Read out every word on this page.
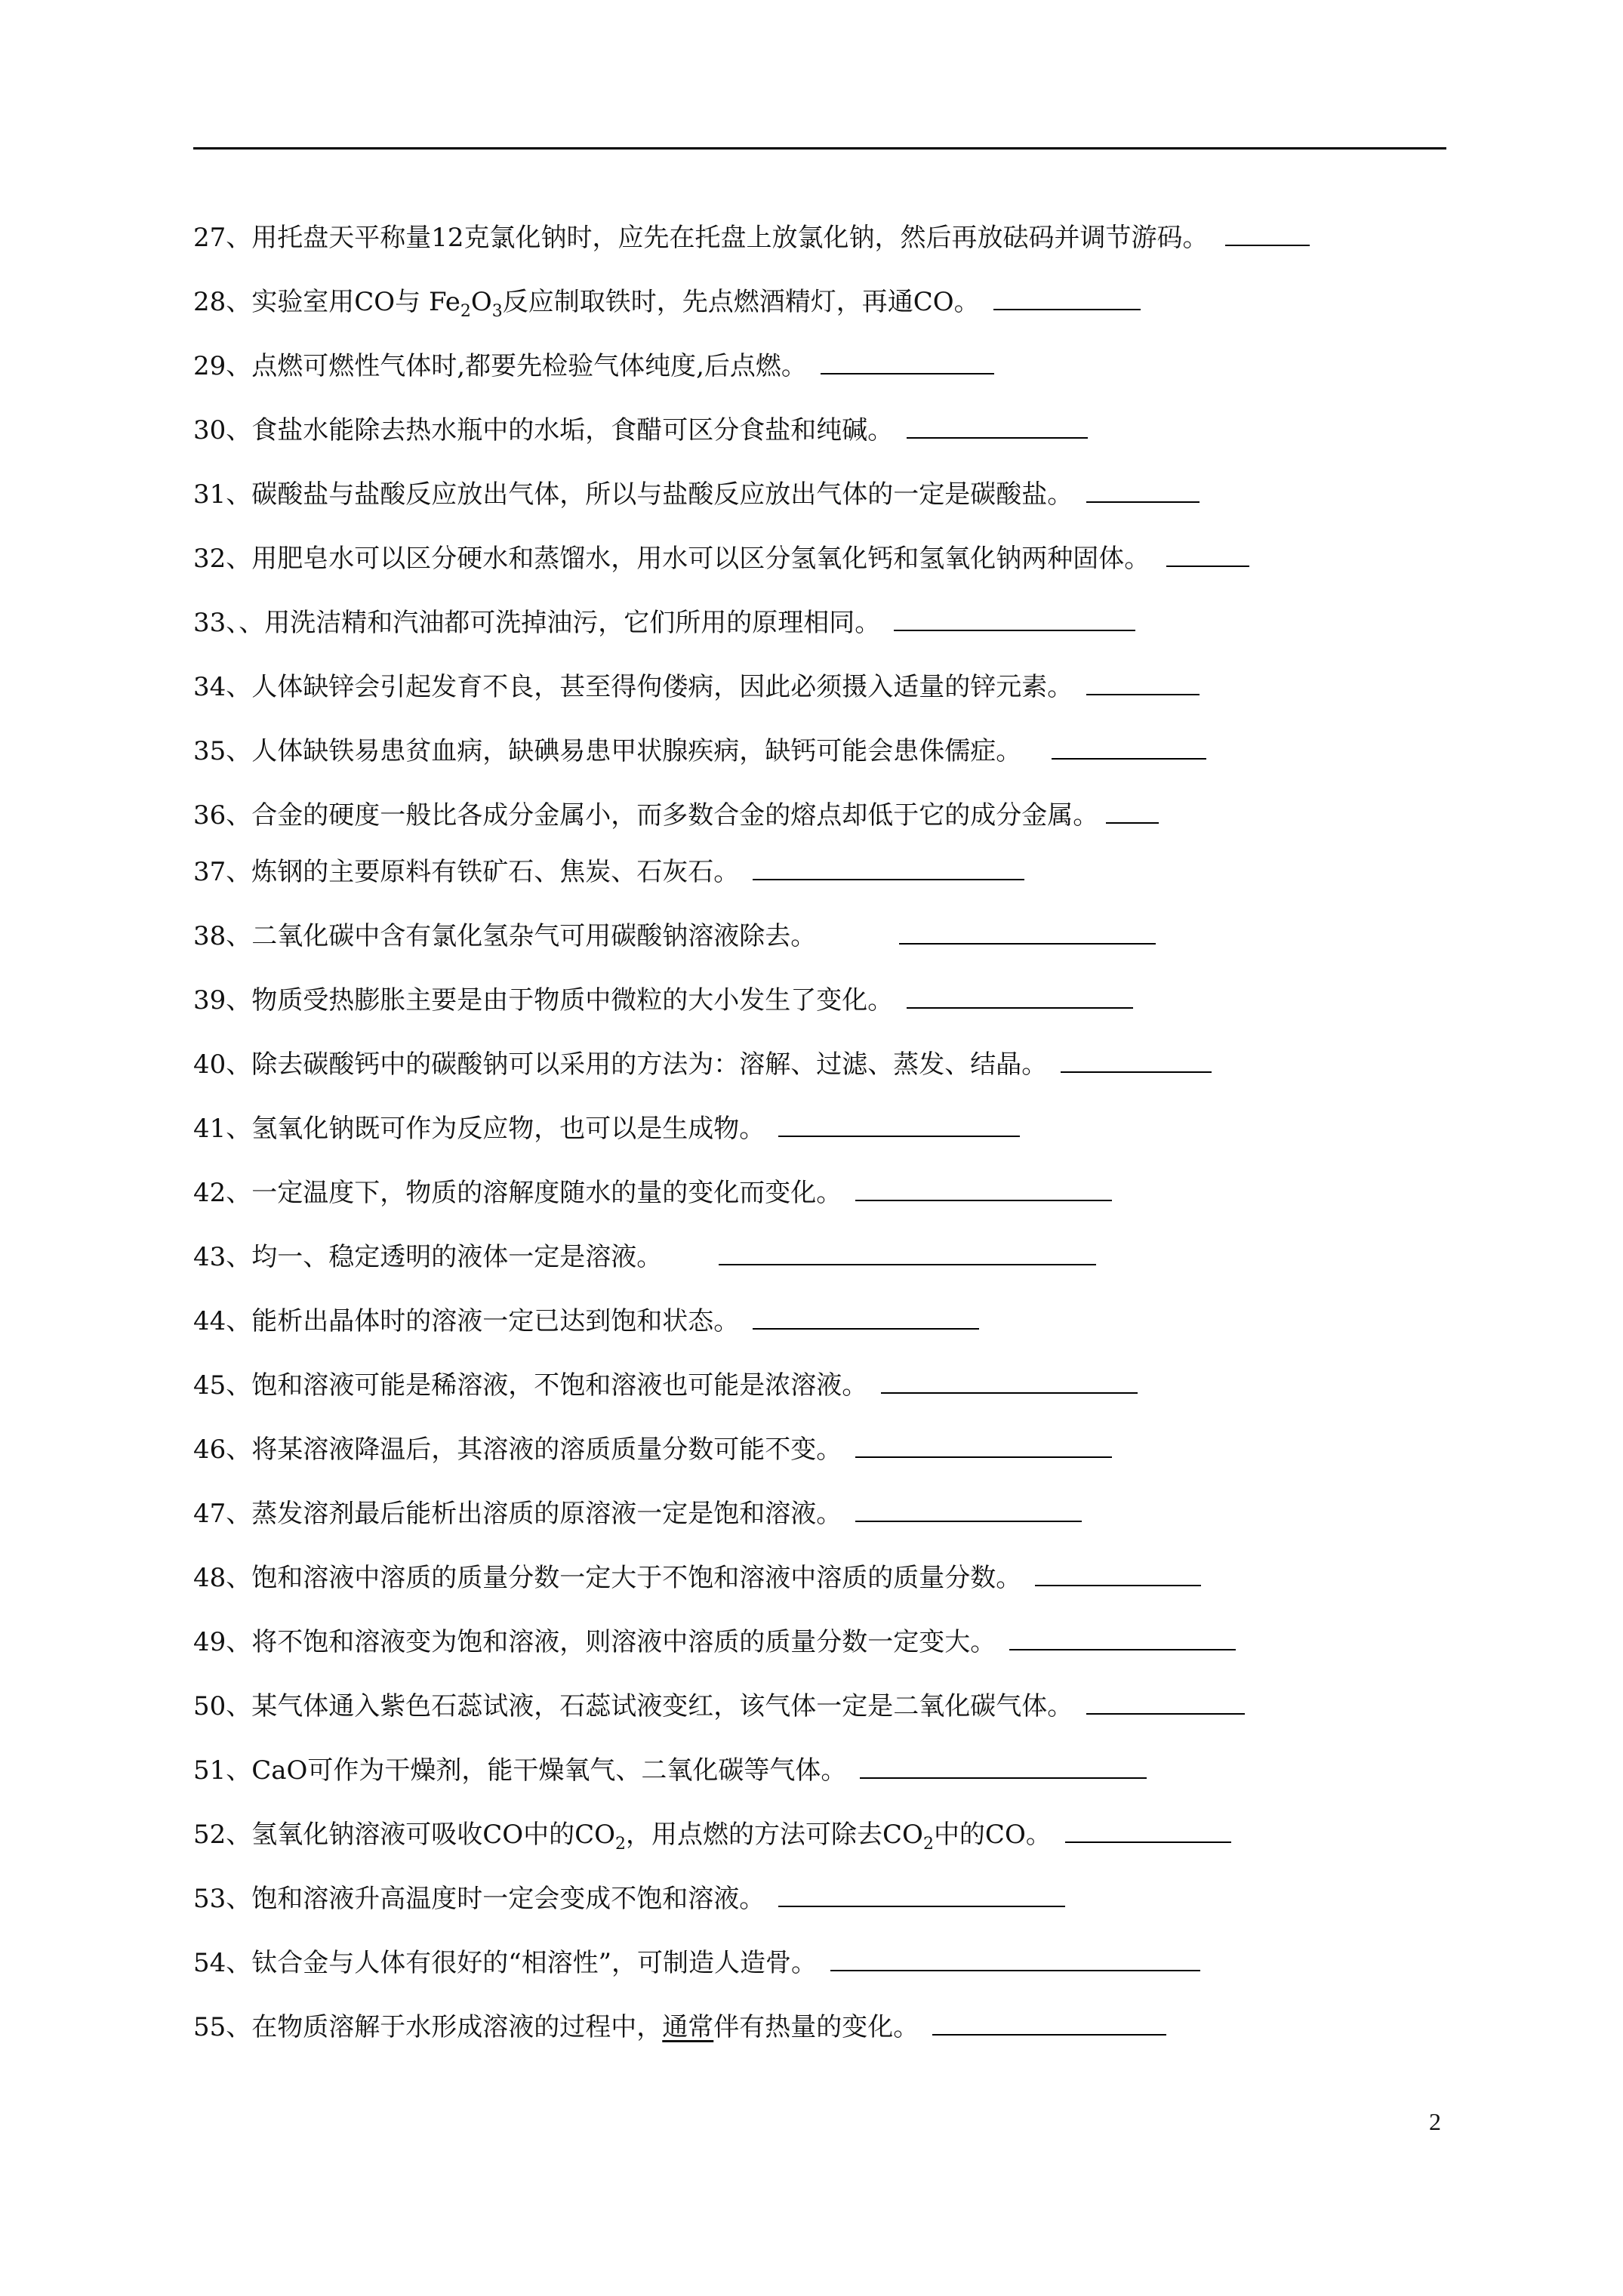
27、用托盘天平称量12克氯化钠时，应先在托盘上放氯化钠，然后再放砝码并调节游码。
28、实验室用CO与 $Fe_2O_3$反应制取铁时，先点燃酒精灯，再通CO。
29、点燃可燃性气体时,都要先检验气体纯度,后点燃。
30、食盐水能除去热水瓶中的水垢，食醋可区分食盐和纯碱。
31、碳酸盐与盐酸反应放出气体，所以与盐酸反应放出气体的一定是碳酸盐。
32、用肥皂水可以区分硬水和蒸馏水，用水可以区分氢氧化钙和氢氧化钠两种固体。
33、、用洗洁精和汽油都可洗掉油污，它们所用的原理相同。
34、人体缺锌会引起发育不良，甚至得佝偻病，因此必须摄入适量的锌元素。
35、人体缺铁易患贫血病，缺碘易患甲状腺疾病，缺钙可能会患侏儒症。
36、合金的硬度一般比各成分金属小，而多数合金的熔点却低于它的成分金属。
37、炼钢的主要原料有铁矿石、焦炭、石灰石。
38、二氧化碳中含有氯化氢杂气可用碳酸钠溶液除去。
39、物质受热膨胀主要是由于物质中微粒的大小发生了变化。
40、除去碳酸钙中的碳酸钠可以采用的方法为：溶解、过滤、蒸发、结晶。
41、氢氧化钠既可作为反应物，也可以是生成物。
42、一定温度下，物质的溶解度随水的量的变化而变化。
43、均一、稳定透明的液体一定是溶液。
44、能析出晶体时的溶液一定已达到饱和状态。
45、饱和溶液可能是稀溶液，不饱和溶液也可能是浓溶液。
46、将某溶液降温后，其溶液的溶质质量分数可能不变。
47、蒸发溶剂最后能析出溶质的原溶液一定是饱和溶液。
48、饱和溶液中溶质的质量分数一定大于不饱和溶液中溶质的质量分数。
49、将不饱和溶液变为饱和溶液，则溶液中溶质的质量分数一定变大。
50、某气体通入紫色石蕊试液，石蕊试液变红，该气体一定是二氧化碳气体。
51、CaO可作为干燥剂，能干燥氧气、二氧化碳等气体。
52、氢氧化钠溶液可吸收CO中的$CO_2$，用点燃的方法可除去$CO_2$中的CO。
53、饱和溶液升高温度时一定会变成不饱和溶液。
54、钛合金与人体有很好的“相溶性”，可制造人造骨。
55、在物质溶解于水形成溶液的过程中，通常伴有热量的变化。
2
